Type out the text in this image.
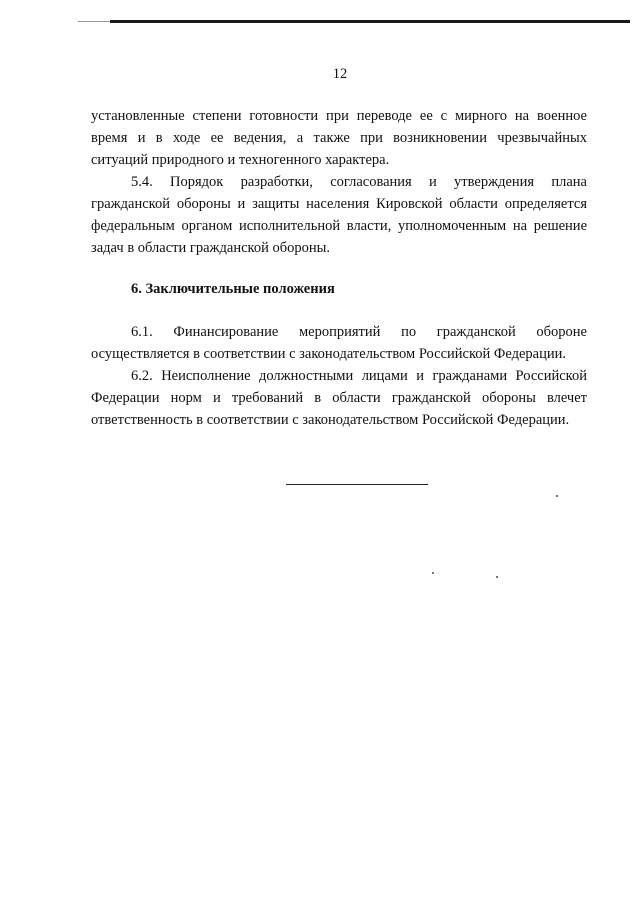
12
установленные степени готовности при переводе ее с мирного на военное
время и в ходе ее ведения, а также при возникновении чрезвычайных
ситуаций природного и техногенного характера.
5.4. Порядок разработки, согласования и утверждения плана
гражданской обороны и защиты населения Кировской области определяется
федеральным органом исполнительной власти, уполномоченным на решение
задач в области гражданской обороны.
6. Заключительные положения
6.1. Финансирование мероприятий по гражданской обороне
осуществляется в соответствии с законодательством Российской Федерации.
6.2. Неисполнение должностными лицами и гражданами Российской
Федерации норм и требований в области гражданской обороны влечет
ответственность в соответствии с законодательством Российской Федерации.
